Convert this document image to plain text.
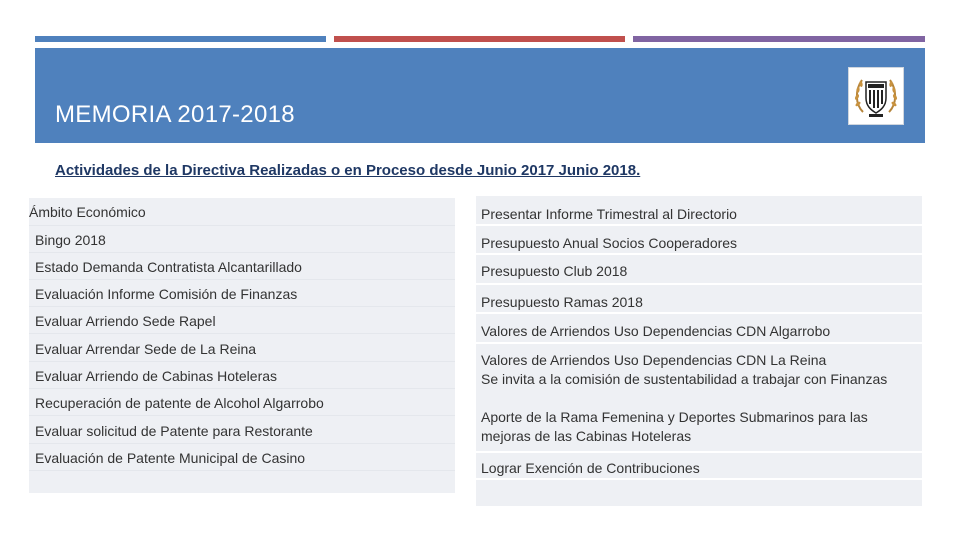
MEMORIA 2017-2018
Actividades de la Directiva Realizadas o en Proceso desde Junio 2017 Junio 2018.
Ámbito Económico
Bingo 2018
Estado Demanda Contratista Alcantarillado
Evaluación Informe Comisión de Finanzas
Evaluar Arriendo Sede Rapel
Evaluar Arrendar Sede de La Reina
Evaluar Arriendo de Cabinas Hoteleras
Recuperación de patente de Alcohol Algarrobo
Evaluar solicitud de Patente para Restorante
Evaluación de Patente Municipal de Casino
Presentar Informe Trimestral al Directorio
Presupuesto Anual Socios Cooperadores
Presupuesto Club 2018
Presupuesto Ramas 2018
Valores de Arriendos Uso Dependencias CDN Algarrobo
Valores de Arriendos Uso Dependencias CDN La Reina
Se invita a la comisión de sustentabilidad a trabajar con Finanzas
Aporte de la Rama Femenina y Deportes Submarinos para las mejoras de las Cabinas Hoteleras
Lograr Exención de Contribuciones
